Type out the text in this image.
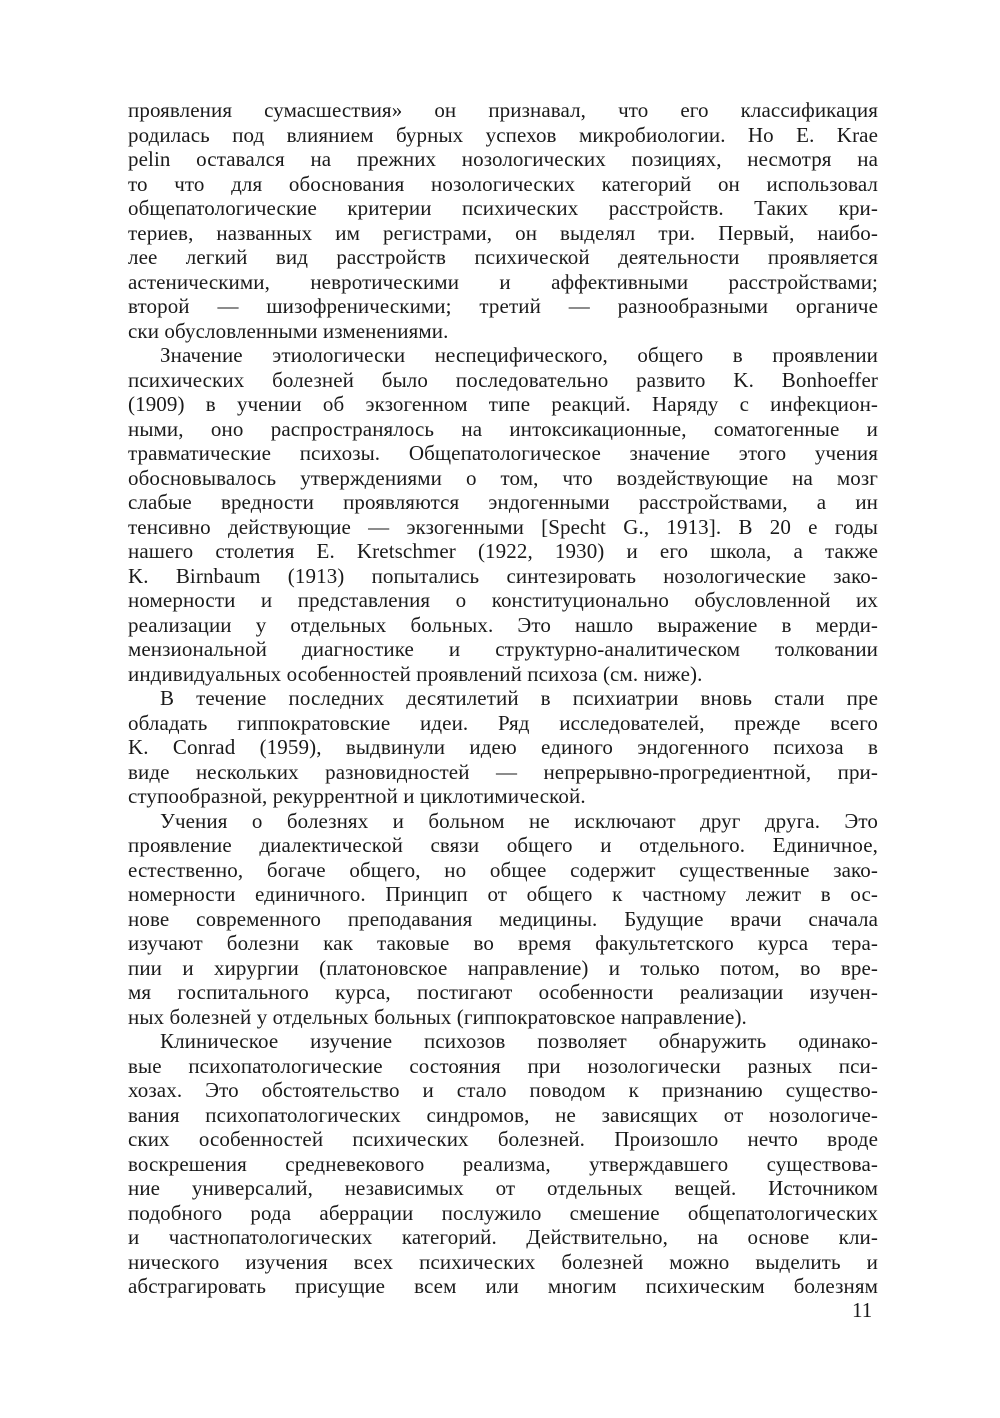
проявления сумасшествия» он признавал, что его классификация
родилась под влиянием бурных успехов микробиологии. Но E. Krae
pelin оставался на прежних нозологических позициях, несмотря на
то что для обоснования нозологических категорий он использовал
общепатологические критерии психических расстройств. Таких кри-
териев, названных им регистрами, он выделял три. Первый, наибо-
лее легкий вид расстройств психической деятельности проявляется
астеническими, невротическими и аффективными расстройствами;
второй — шизофреническими; третий — разнообразными органиче
ски обусловленными изменениями.
Значение этиологически неспецифического, общего в проявлении
психических болезней было последовательно развито K. Bonhoeffer
(1909) в учении об экзогенном типе реакций. Наряду с инфекцион-
ными, оно распространялось на интоксикационные, соматогенные и
травматические психозы. Общепатологическое значение этого учения
обосновывалось утверждениями о том, что воздействующие на мозг
слабые вредности проявляются эндогенными расстройствами, а ин
тенсивно действующие — экзогенными [Specht G., 1913]. В 20 е годы
нашего столетия E. Kretschmer (1922, 1930) и его школа, а также
K. Birnbaum (1913) попытались синтезировать нозологические зако-
номерности и представления о конституционально обусловленной их
реализации у отдельных больных. Это нашло выражение в мерди-
мензиональной диагностике и структурно-аналитическом толковании
индивидуальных особенностей проявлений психоза (см. ниже).
В течение последних десятилетий в психиатрии вновь стали пре
обладать гиппократовские идеи. Ряд исследователей, прежде всего
K. Conrad (1959), выдвинули идею единого эндогенного психоза в
виде нескольких разновидностей — непрерывно-прогредиентной, при-
ступообразной, рекуррентной и циклотимической.
Учения о болезнях и больном не исключают друг друга. Это
проявление диалектической связи общего и отдельного. Единичное,
естественно, богаче общего, но общее содержит существенные зако-
номерности единичного. Принцип от общего к частному лежит в ос-
нове современного преподавания медицины. Будущие врачи сначала
изучают болезни как таковые во время факультетского курса тера-
пии и хирургии (платоновское направление) и только потом, во вре-
мя госпитального курса, постигают особенности реализации изучен-
ных болезней у отдельных больных (гиппократовское направление).
Клиническое изучение психозов позволяет обнаружить одинако-
вые психопатологические состояния при нозологически разных пси-
хозах. Это обстоятельство и стало поводом к признанию существо-
вания психопатологических синдромов, не зависящих от нозологиче-
ских особенностей психических болезней. Произошло нечто вроде
воскрешения средневекового реализма, утверждавшего существова-
ние универсалий, независимых от отдельных вещей. Источником
подобного рода аберрации послужило смешение общепатологических
и частнопатологических категорий. Действительно, на основе кли-
нического изучения всех психических болезней можно выделить и
абстрагировать присущие всем или многим психическим болезням
11
